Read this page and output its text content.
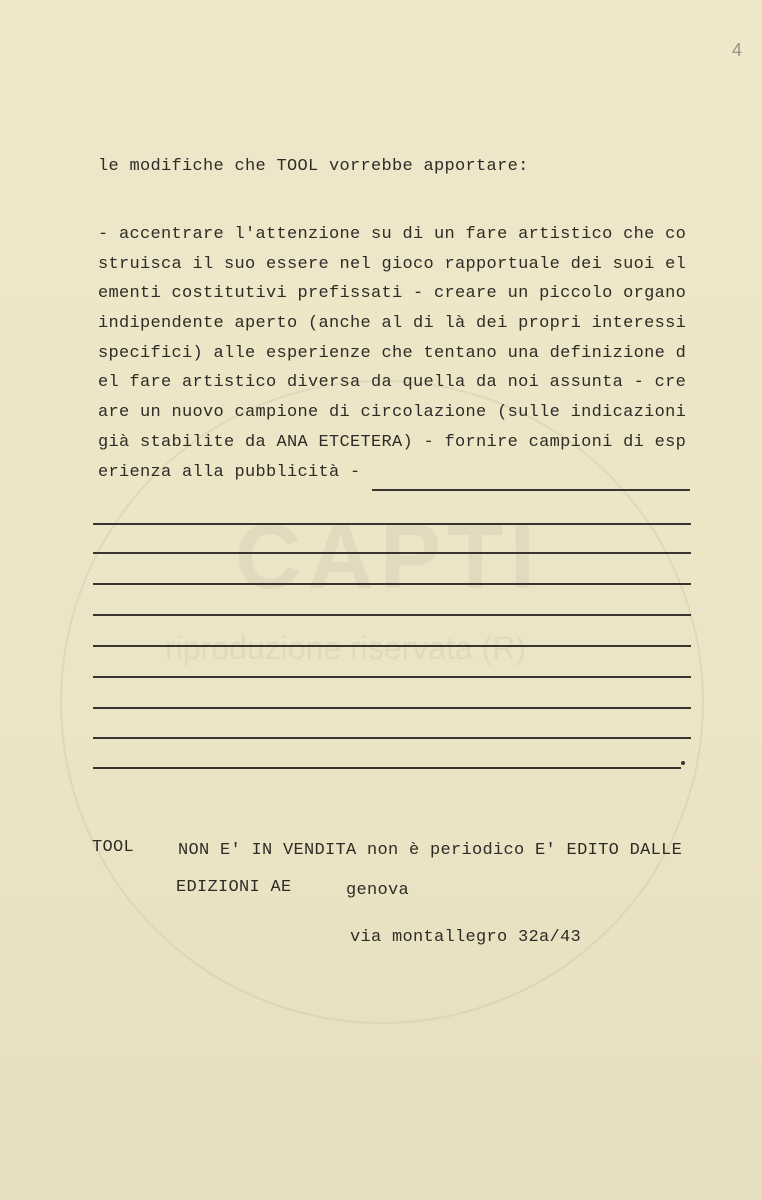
CAPTI
riproduzione riservata (R)
4
le modifiche che TOOL vorrebbe apportare:
- accentrare l'attenzione su di un fare artistico che co
struisca il suo essere nel gioco rapportuale dei suoi el
ementi costitutivi prefissati - creare un piccolo organo
indipendente aperto (anche al di là dei propri interessi
specifici) alle esperienze che tentano una definizione d
el fare artistico diversa da quella da noi assunta - cre
are un nuovo campione di circolazione (sulle indicazioni
già stabilite da ANA ETCETERA) - fornire campioni di esp
erienza alla pubblicità -
TOOL	NON E' IN VENDITA non è periodico E' EDITO DALLE
EDIZIONI AE	genova
via montallegro 32a/43
